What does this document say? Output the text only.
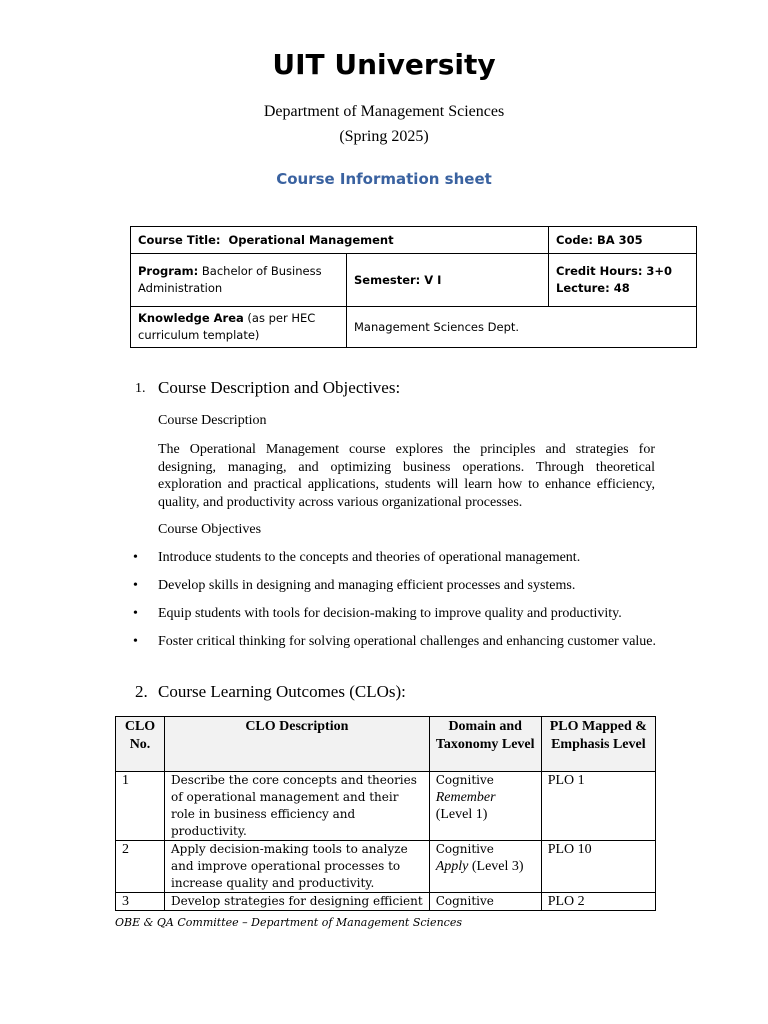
UIT University
Department of Management Sciences
(Spring 2025)
Course Information sheet
Course Title: Operational Management		Code: BA 305
Program: Bachelor of Business Administration	Semester: V I	Credit Hours: 3+0
Lecture: 48

Knowledge Area (as per HEC curriculum template)	Management Sciences Dept.	
1. Course Description and Objectives:
Course Description
The Operational Management course explores the principles and strategies for designing, managing, and optimizing business operations. Through theoretical exploration and practical applications, students will learn how to enhance efficiency, quality, and productivity across various organizational processes.
Course Objectives
• Introduce students to the concepts and theories of operational management.
• Develop skills in designing and managing efficient processes and systems.
• Equip students with tools for decision-making to improve quality and productivity.
• Foster critical thinking for solving operational challenges and enhancing customer value.
2. Course Learning Outcomes (CLOs):
CLO No.	CLO Description	Domain and Taxonomy Level	PLO Mapped & Emphasis Level
1	Describe the core concepts and theories of operational management and their role in business efficiency and productivity.	Cognitive
Remember
(Level 1)	PLO 1
2	Apply decision-making tools to analyze and improve operational processes to increase quality and productivity.	Cognitive
Apply (Level 3)	PLO 10
3	Develop strategies for designing efficient	Cognitive	PLO 2
OBE & QA Committee – Department of Management Sciences
